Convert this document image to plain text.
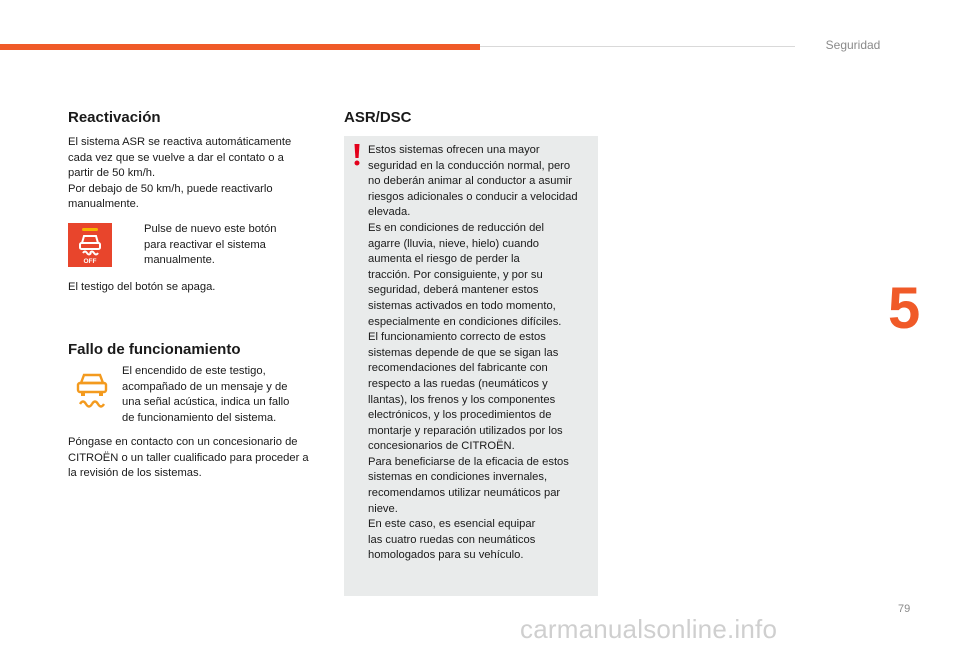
Seguridad
5
Reactivación

El sistema ASR se reactiva automáticamente
cada vez que se vuelve a dar el contato o a
partir de 50 km/h.
Por debajo de 50 km/h, puede reactivarlo
manualmente.

OFF

Pulse de nuevo este botón
para reactivar el sistema
manualmente.

El testigo del botón se apaga.

Fallo de funcionamiento

El encendido de este testigo,
acompañado de un mensaje y de
una señal acústica, indica un fallo
de funcionamiento del sistema.

Póngase en contacto con un concesionario de
CITROËN o un taller cualificado para proceder a
la revisión de los sistemas.

ASR/DSC

Estos sistemas ofrecen una mayor
seguridad en la conducción normal, pero
no deberán animar al conductor a asumir
riesgos adicionales o conducir a velocidad
elevada.
Es en condiciones de reducción del
agarre (lluvia, nieve, hielo) cuando
aumenta el riesgo de perder la
tracción. Por consiguiente, y por su
seguridad, deberá mantener estos
sistemas activados en todo momento,
especialmente en condiciones difíciles.
El funcionamiento correcto de estos
sistemas depende de que se sigan las
recomendaciones del fabricante con
respecto a las ruedas (neumáticos y
llantas), los frenos y los componentes
electrónicos, y los procedimientos de
montarje y reparación utilizados por los
concesionarios de CITROËN.
Para beneficiarse de la eficacia de estos
sistemas en condiciones invernales,
recomendamos utilizar neumáticos par
nieve.
En este caso, es esencial equipar
las cuatro ruedas con neumáticos
homologados para su vehículo.

79
carmanualsonline.info
